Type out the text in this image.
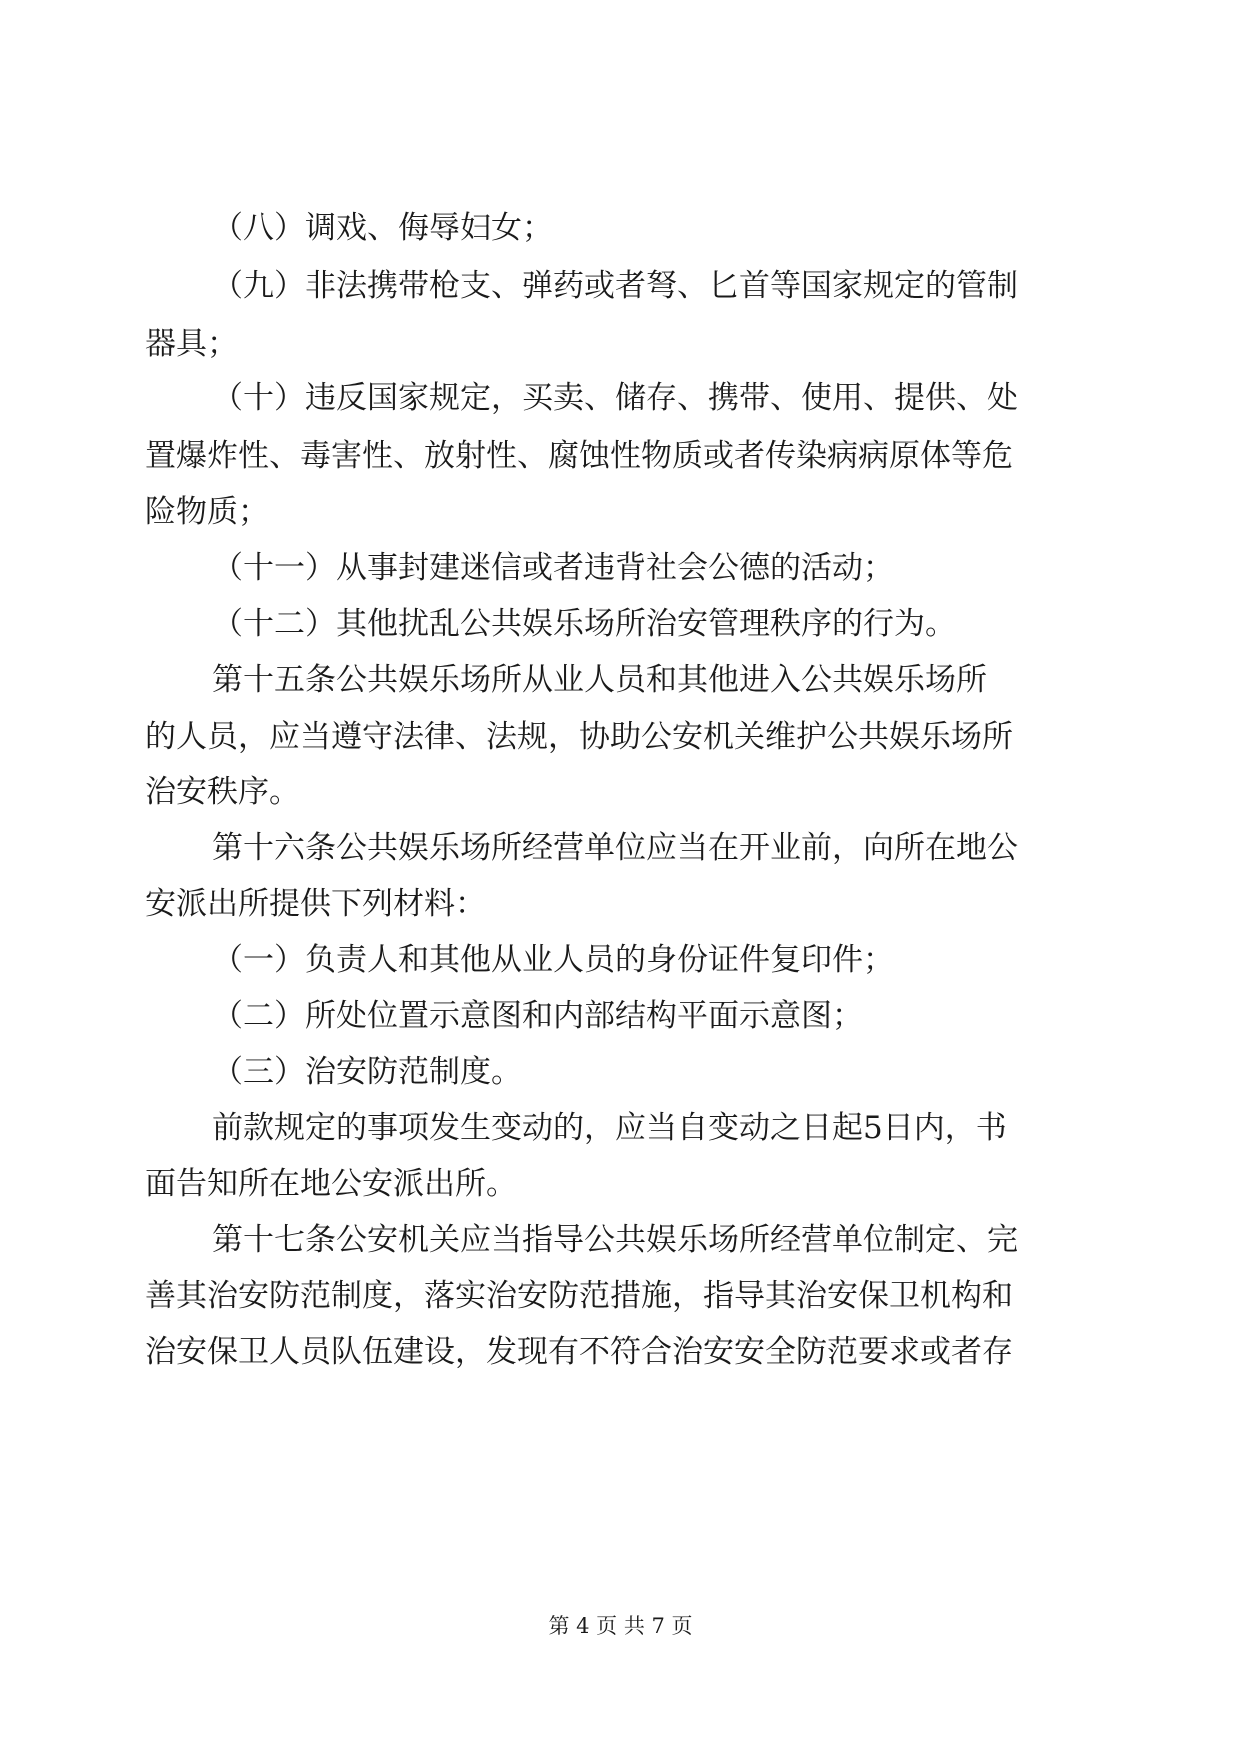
（八）调戏、侮辱妇女；
（ 九 ） 非 法 携 带 枪 支 、 弹 药 或 者 弩 、 匕 首 等 国 家 规 定 的 管 制
器具；
（ 十 ） 违 反 国 家 规 定 ， 买 卖 、 储 存 、 携 带 、 使 用 、 提 供 、 处
置 爆 炸 性 、 毒 害 性 、 放 射 性 、 腐 蚀 性 物 质 或 者 传 染 病 病 原 体 等 危
险物质；
（十一）从事封建迷信或者违背社会公德的活动；
（十二）其他扰乱公共娱乐场所治安管理秩序的行为。
第 十 五 条 公 共 娱 乐 场 所 从 业 人 员 和 其 他 进 入 公 共 娱 乐 场 所
的 人 员 ， 应 当 遵 守 法 律 、 法 规 ， 协 助 公 安 机 关 维 护 公 共 娱 乐 场 所
治安秩序。
第 十 六 条 公 共 娱 乐 场 所 经 营 单 位 应 当 在 开 业 前 ， 向 所 在 地 公
安派出所提供下列材料：
（一）负责人和其他从业人员的身份证件复印件；
（二）所处位置示意图和内部结构平面示意图；
（三）治安防范制度。
前 款 规 定 的 事 项 发 生 变 动 的 ， 应 当 自 变 动 之 日 起 5 日 内 ， 书
面告知所在地公安派出所。
第 十 七 条 公 安 机 关 应 当 指 导 公 共 娱 乐 场 所 经 营 单 位 制 定 、 完
善 其 治 安 防 范 制 度 ， 落 实 治 安 防 范 措 施 ， 指 导 其 治 安 保 卫 机 构 和
治 安 保 卫 人 员 队 伍 建 设 ， 发 现 有 不 符 合 治 安 安 全 防 范 要 求 或 者 存
第 4 页 共 7 页
